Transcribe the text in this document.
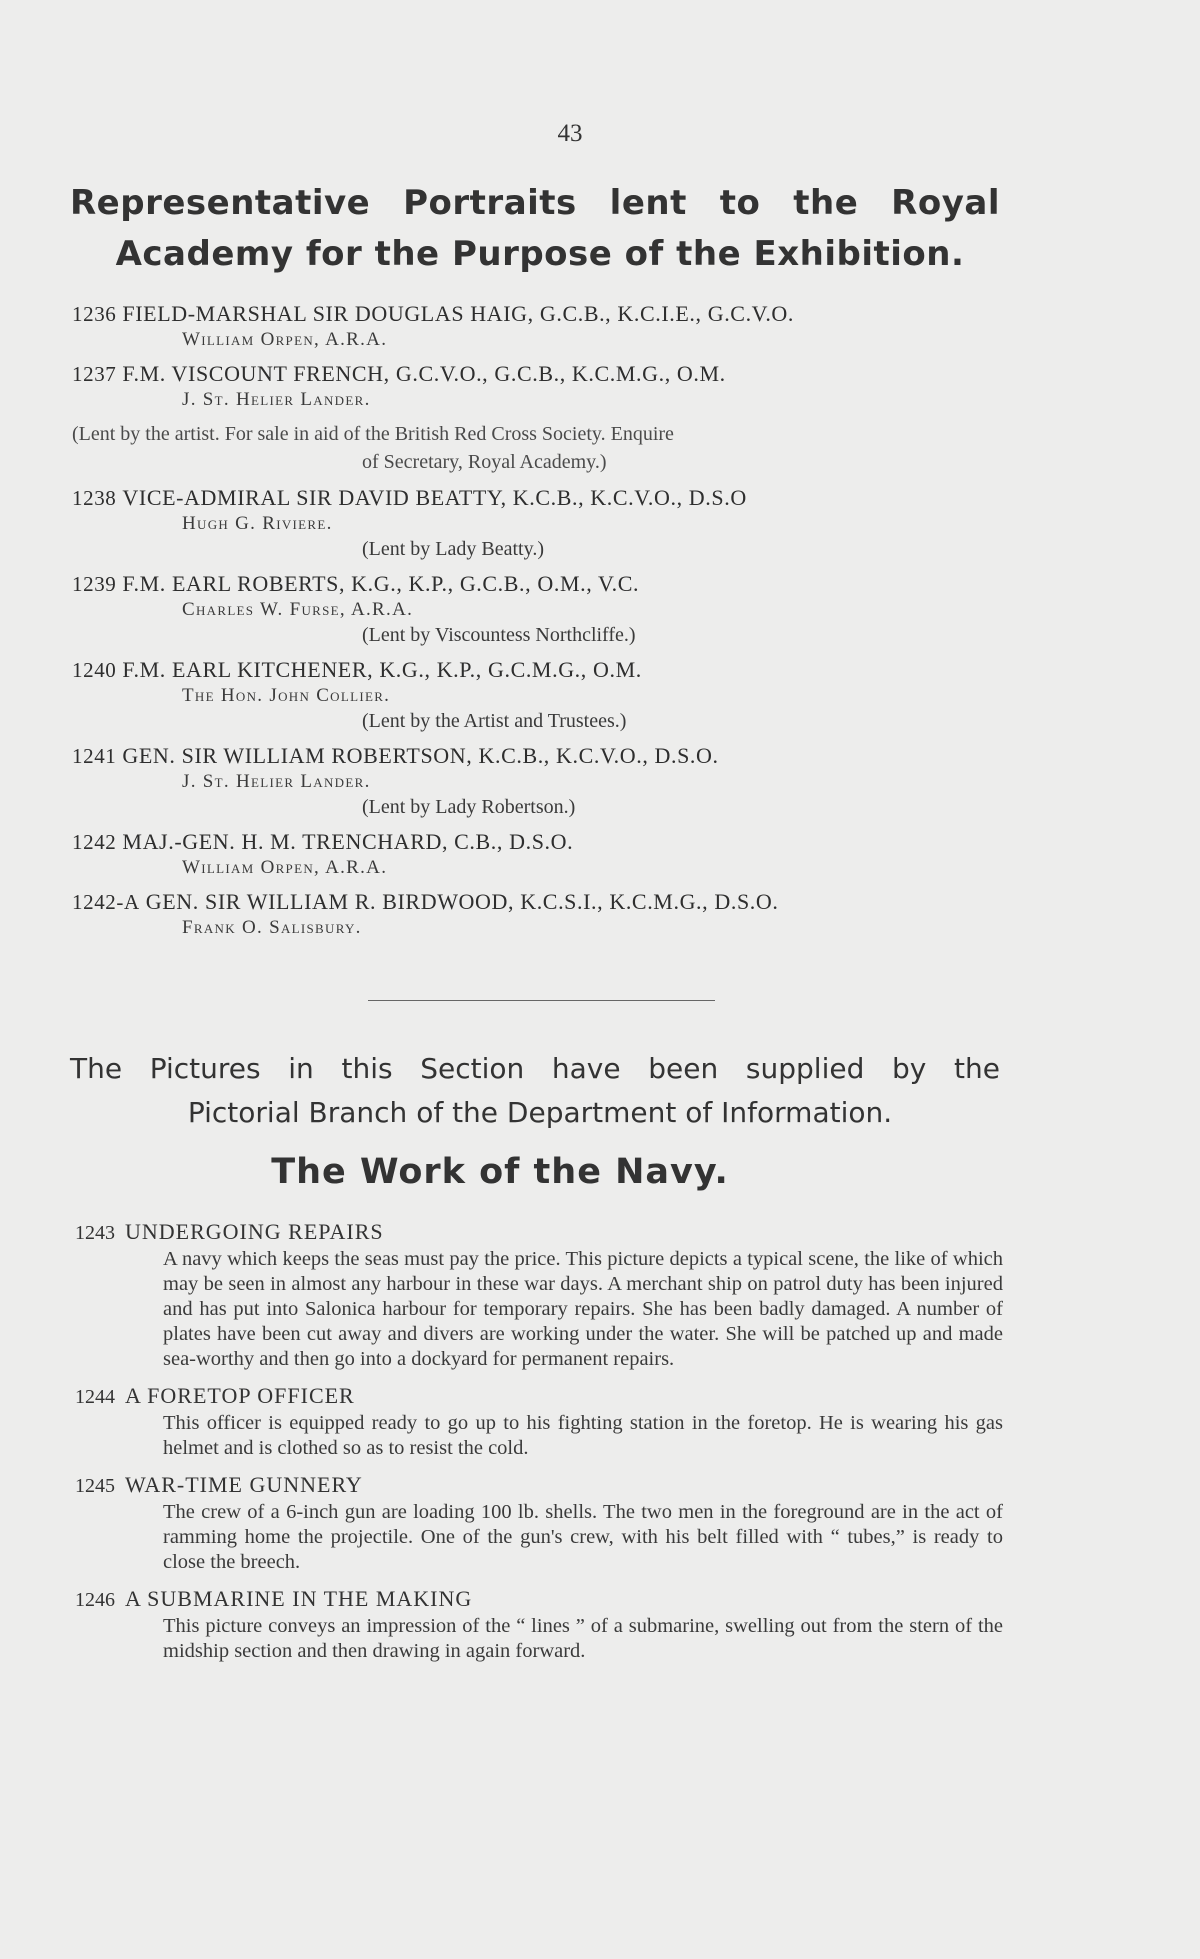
43
Representative Portraits lent to the Royal
Academy for the Purpose of the Exhibition.
1236 FIELD-MARSHAL SIR DOUGLAS HAIG, G.C.B., K.C.I.E., G.C.V.O.
William Orpen, A.R.A.
1237 F.M. VISCOUNT FRENCH, G.C.V.O., G.C.B., K.C.M.G., O.M.
J. St. Helier Lander.
(Lent by the artist. For sale in aid of the British Red Cross Society. Enquire
of Secretary, Royal Academy.)
1238 VICE-ADMIRAL SIR DAVID BEATTY, K.C.B., K.C.V.O., D.S.O
Hugh G. Riviere.
(Lent by Lady Beatty.)
1239 F.M. EARL ROBERTS, K.G., K.P., G.C.B., O.M., V.C.
Charles W. Furse, A.R.A.
(Lent by Viscountess Northcliffe.)
1240 F.M. EARL KITCHENER, K.G., K.P., G.C.M.G., O.M.
The Hon. John Collier.
(Lent by the Artist and Trustees.)
1241 GEN. SIR WILLIAM ROBERTSON, K.C.B., K.C.V.O., D.S.O.
J. St. Helier Lander.
(Lent by Lady Robertson.)
1242 MAJ.-GEN. H. M. TRENCHARD, C.B., D.S.O.
William Orpen, A.R.A.
1242-A GEN. SIR WILLIAM R. BIRDWOOD, K.C.S.I., K.C.M.G., D.S.O.
Frank O. Salisbury.
The Pictures in this Section have been supplied by the
Pictorial Branch of the Department of Information.
The Work of the Navy.
1243 UNDERGOING REPAIRS
A navy which keeps the seas must pay the price. This picture depicts a typical scene, the like of which may be seen in almost any harbour in these war days. A merchant ship on patrol duty has been injured and has put into Salonica harbour for temporary repairs. She has been badly damaged. A number of plates have been cut away and divers are working under the water. She will be patched up and made sea-worthy and then go into a dockyard for permanent repairs.
1244 A FORETOP OFFICER
This officer is equipped ready to go up to his fighting station in the foretop. He is wearing his gas helmet and is clothed so as to resist the cold.
1245 WAR-TIME GUNNERY
The crew of a 6-inch gun are loading 100 lb. shells. The two men in the foreground are in the act of ramming home the projectile. One of the gun's crew, with his belt filled with “ tubes,” is ready to close the breech.
1246 A SUBMARINE IN THE MAKING
This picture conveys an impression of the “ lines ” of a submarine, swelling out from the stern of the midship section and then drawing in again forward.
